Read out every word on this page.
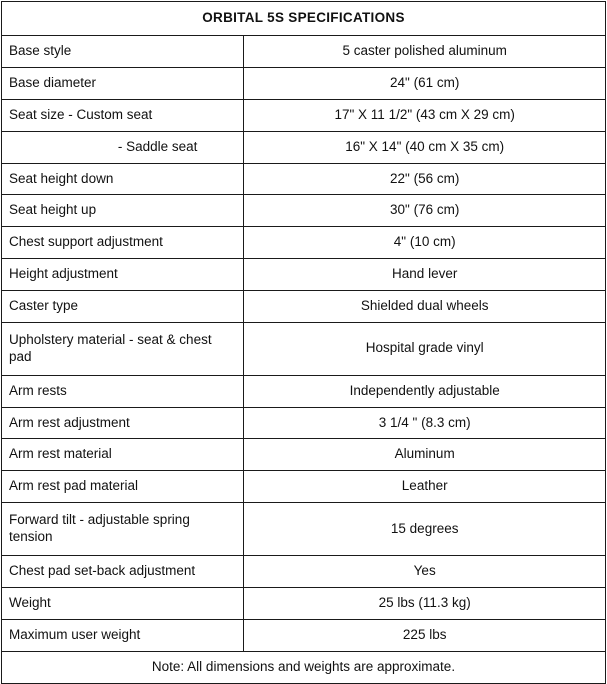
ORBITAL 5S SPECIFICATIONS	
Base style	5 caster polished aluminum
Base diameter	24" (61 cm)
Seat size - Custom seat	17" X 11 1/2" (43 cm X 29 cm)
- Saddle seat	16" X 14" (40 cm X 35 cm)
Seat height down	22" (56 cm)
Seat height up	30" (76 cm)
Chest support adjustment	4" (10 cm)
Height adjustment	Hand lever
Caster type	Shielded dual wheels
Upholstery material - seat & chest pad	Hospital grade vinyl
Arm rests	Independently adjustable
Arm rest adjustment	3 1/4 " (8.3 cm)
Arm rest material	Aluminum
Arm rest pad material	Leather
Forward tilt - adjustable spring tension	15 degrees
Chest pad set-back adjustment	Yes
Weight	25 lbs (11.3 kg)
Maximum user weight	225 lbs
Note: All dimensions and weights are approximate.	
